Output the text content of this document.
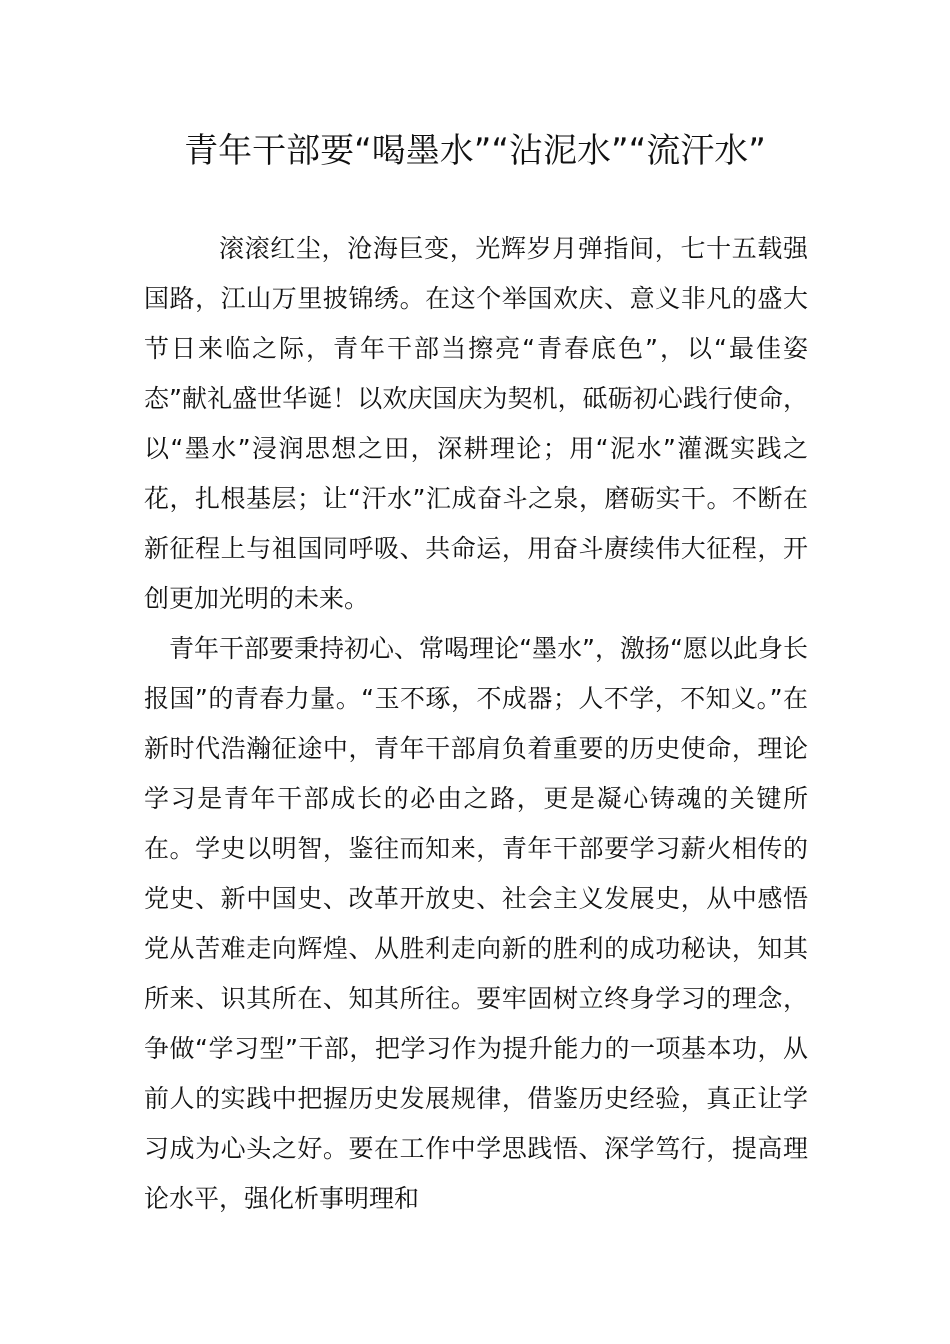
青年干部要“喝墨水”“沾泥水”“流汗水”

滚滚红尘，沧海巨变，光辉岁月弹指间，七十五载强国路，江山万里披锦绣。在这个举国欢庆、意义非凡的盛大节日来临之际，青年干部当擦亮“青春底色”，以“最佳姿态”献礼盛世华诞！以欢庆国庆为契机，砥砺初心践行使命，以“墨水”浸润思想之田，深耕理论；用“泥水”灌溉实践之花，扎根基层；让“汗水”汇成奋斗之泉，磨砺实干。不断在新征程上与祖国同呼吸、共命运，用奋斗赓续伟大征程，开创更加光明的未来。

青年干部要秉持初心、常喝理论“墨水”，激扬“愿以此身长报国”的青春力量。“玉不琢，不成器；人不学，不知义。”在新时代浩瀚征途中，青年干部肩负着重要的历史使命，理论学习是青年干部成长的必由之路，更是凝心铸魂的关键所在。学史以明智，鉴往而知来，青年干部要学习薪火相传的党史、新中国史、改革开放史、社会主义发展史，从中感悟党从苦难走向辉煌、从胜利走向新的胜利的成功秘诀，知其所来、识其所在、知其所往。要牢固树立终身学习的理念，争做“学习型”干部，把学习作为提升能力的一项基本功，从前人的实践中把握历史发展规律，借鉴历史经验，真正让学习成为心头之好。要在工作中学思践悟、深学笃行，提高理论水平，强化析事明理和
